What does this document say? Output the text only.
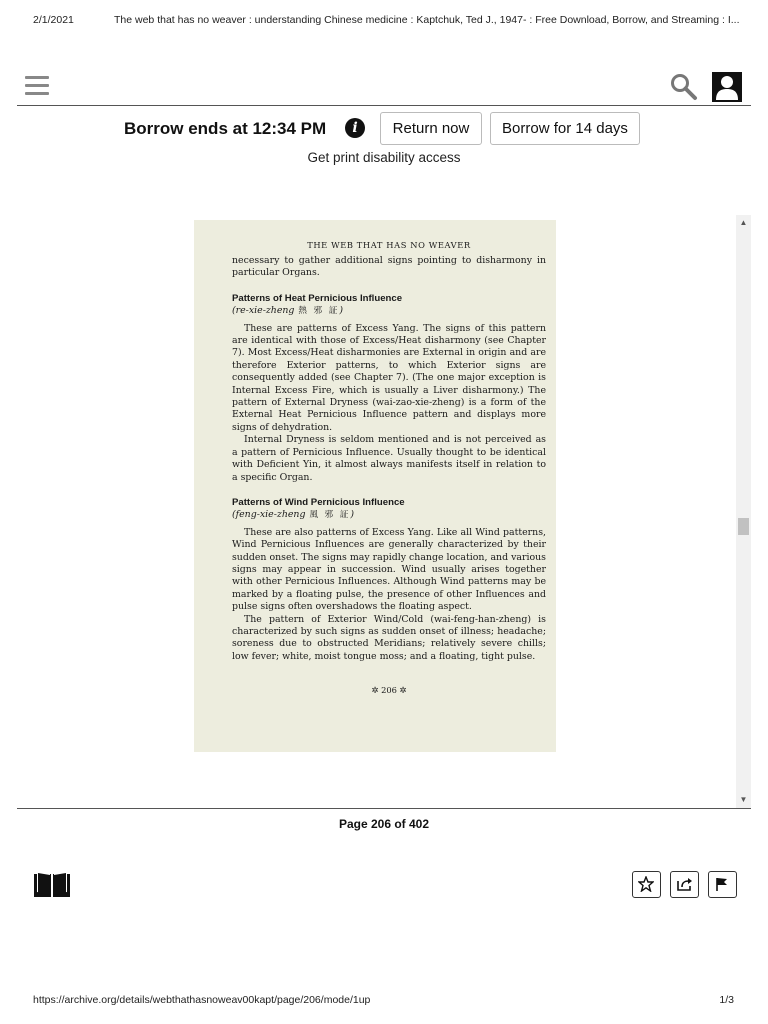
2/1/2021	The web that has no weaver : understanding Chinese medicine : Kaptchuk, Ted J., 1947- : Free Download, Borrow, and Streaming : I...
Borrow ends at 12:34 PM	i	Return now	Borrow for 14 days
Get print disability access
THE WEB THAT HAS NO WEAVER

necessary to gather additional signs pointing to disharmony in particular Organs.

Patterns of Heat Pernicious Influence
(re-xie-zheng 熱 邪 証)

These are patterns of Excess Yang. The signs of this pattern are identical with those of Excess/Heat disharmony (see Chapter 7). Most Excess/Heat disharmonies are External in origin and are therefore Exterior patterns, to which Exterior signs are consequently added (see Chapter 7). (The one major exception is Internal Excess Fire, which is usually a Liver disharmony.) The pattern of External Dryness (wai-zao-xie-zheng) is a form of the External Heat Pernicious Influence pattern and displays more signs of dehydration.

Internal Dryness is seldom mentioned and is not perceived as a pattern of Pernicious Influence. Usually thought to be identical with Deficient Yin, it almost always manifests itself in relation to a specific Organ.

Patterns of Wind Pernicious Influence
(feng-xie-zheng 風 邪 証)

These are also patterns of Excess Yang. Like all Wind patterns, Wind Pernicious Influences are generally characterized by their sudden onset. The signs may rapidly change location, and various signs may appear in succession. Wind usually arises together with other Pernicious Influences. Although Wind patterns may be marked by a floating pulse, the presence of other Influences and pulse signs often overshadows the floating aspect.

The pattern of Exterior Wind/Cold (wai-feng-han-zheng) is characterized by such signs as sudden onset of illness; headache; soreness due to obstructed Meridians; relatively severe chills; low fever; white, moist tongue moss; and a floating, tight pulse.

✲ 206 ✲
▲
▼
Page 206 of 402
https://archive.org/details/webthathasnoweav00kapt/page/206/mode/1up	1/3
